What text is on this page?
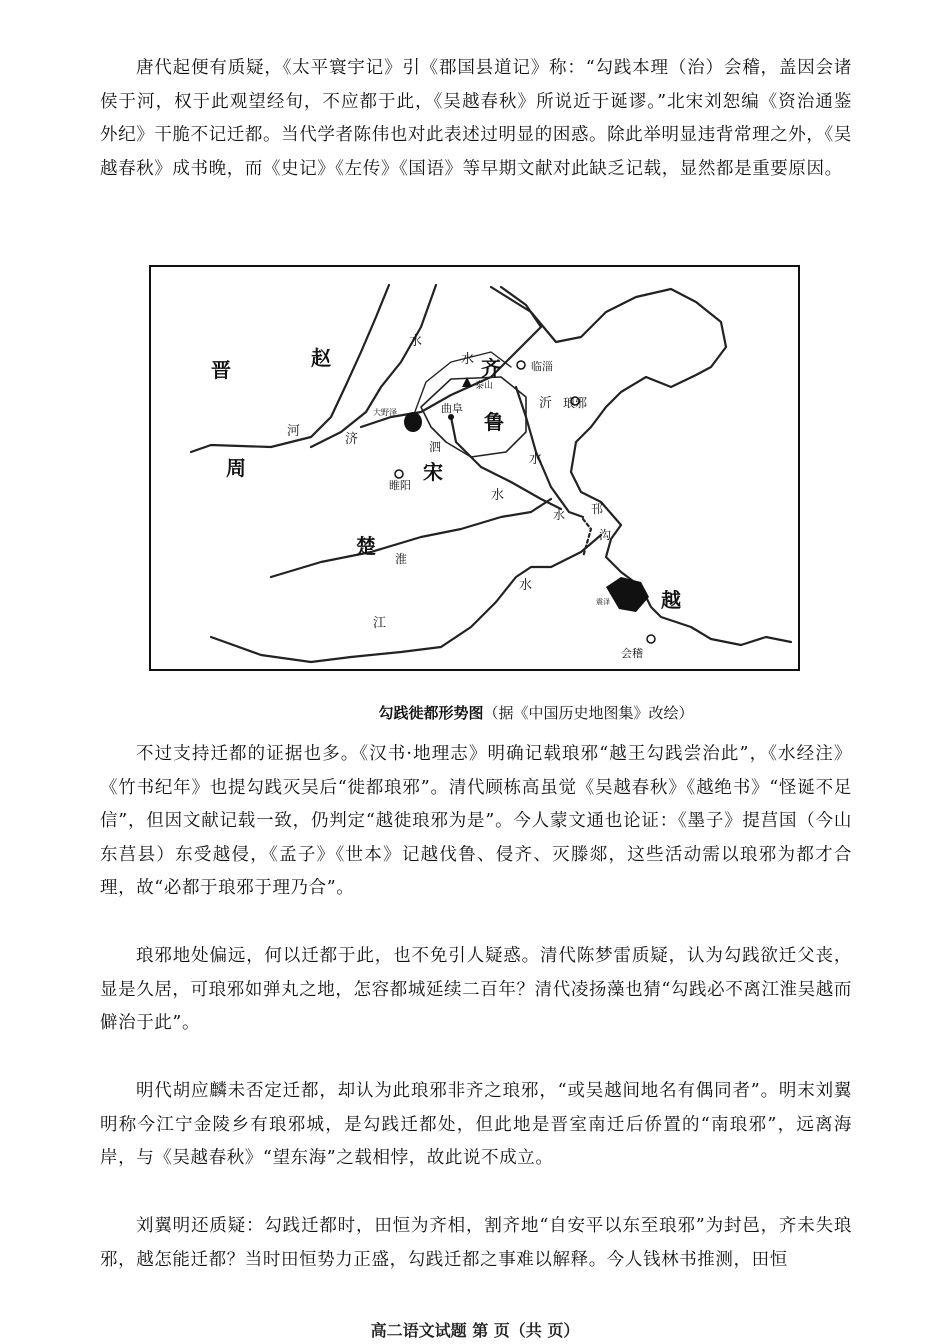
唐代起便有质疑，《太平寰宇记》引《郡国县道记》称：“勾践本理（治）会稽，盖因会诸侯于河，权于此观望经旬，不应都于此，《吴越春秋》所说近于诞谬。”北宋刘恕编《资治通鉴外纪》干脆不记迁都。当代学者陈伟也对此表述过明显的困惑。除此举明显违背常理之外，《吴越春秋》成书晚，而《史记》《左传》《国语》等早期文献对此缺乏记载，显然都是重要原因。

晋	赵	齐
鲁
周	宋
楚
越
临淄
泰山
琅邪
大野泽	曲阜
睢阳
会稽
震泽
水
水
河
济
沂
泗
水
水
水 邗
沟
淮
水
江
勾践徙都形势图（据《中国历史地图集》改绘）

不过支持迁都的证据也多。《汉书·地理志》明确记载琅邪“越王勾践尝治此”，《水经注》《竹书纪年》也提勾践灭吴后“徙都琅邪”。清代顾栋高虽觉《吴越春秋》《越绝书》“怪诞不足信”，但因文献记载一致，仍判定“越徙琅邪为是”。今人蒙文通也论证：《墨子》提莒国（今山东莒县）东受越侵，《孟子》《世本》记越伐鲁、侵齐、灭滕郯，这些活动需以琅邪为都才合理，故“必都于琅邪于理乃合”。

琅邪地处偏远，何以迁都于此，也不免引人疑惑。清代陈梦雷质疑，认为勾践欲迁父丧，显是久居，可琅邪如弹丸之地，怎容都城延续二百年？清代凌扬藻也猜“勾践必不离江淮吴越而僻治于此”。

明代胡应麟未否定迁都，却认为此琅邪非齐之琅邪，“或吴越间地名有偶同者”。明末刘翼明称今江宁金陵乡有琅邪城，是勾践迁都处，但此地是晋室南迁后侨置的“南琅邪”，远离海岸，与《吴越春秋》“望东海”之载相悖，故此说不成立。

刘翼明还质疑：勾践迁都时，田恒为齐相，割齐地“自安平以东至琅邪”为封邑，齐未失琅邪，越怎能迁都？当时田恒势力正盛，勾践迁都之事难以解释。今人钱林书推测，田恒

高二语文试题 第 页（共 页）
